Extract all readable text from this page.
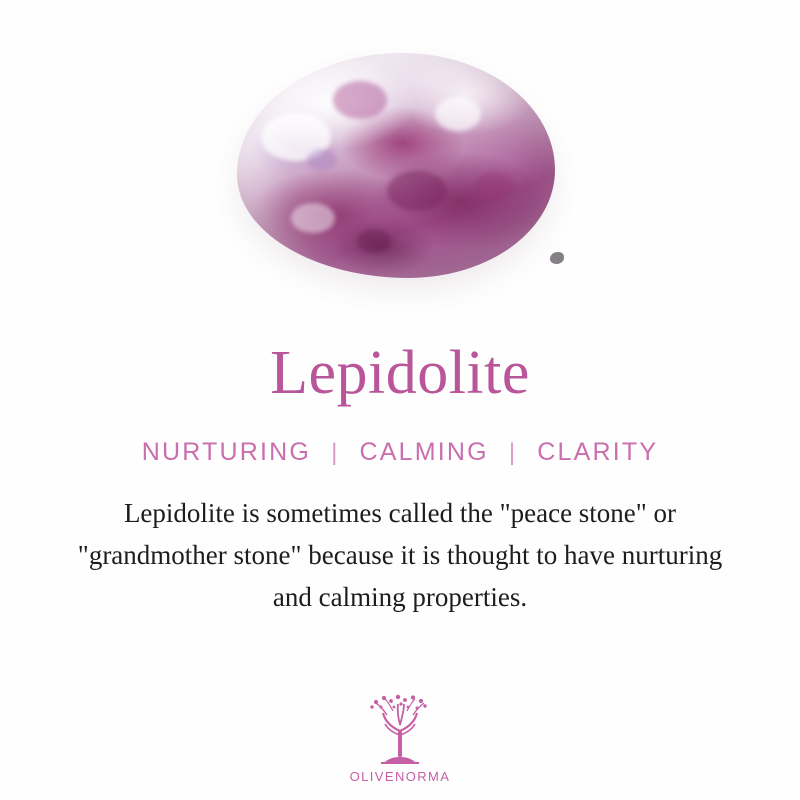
Lepidolite
NURTURING | CALMING | CLARITY
Lepidolite is sometimes called the "peace stone" or "grandmother stone" because it is thought to have nurturing and calming properties.
OLIVENORMA
